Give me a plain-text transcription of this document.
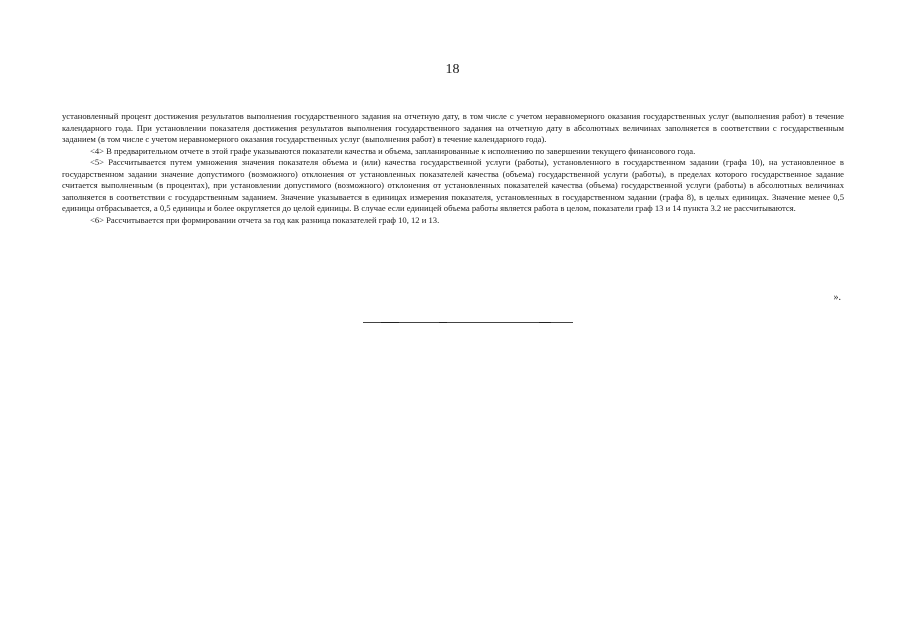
18

установленный процент достижения результатов выполнения государственного задания на отчетную дату, в том числе с учетом неравномерного оказания государственных услуг (выполнения работ) в течение календарного года. При установлении показателя достижения результатов выполнения государственного задания на отчетную дату в абсолютных величинах заполняется в соответствии с государственным заданием (в том числе с учетом неравномерного оказания государственных услуг (выполнения работ) в течение календарного года).

<4> В предварительном отчете в этой графе указываются показатели качества и объема, запланированные к исполнению по завершении текущего финансового года.

<5> Рассчитывается путем умножения значения показателя объема и (или) качества государственной услуги (работы), установленного в государственном задании (графа 10), на установленное в государственном задании значение допустимого (возможного) отклонения от установленных показателей качества (объема) государственной услуги (работы), в пределах которого государственное задание считается выполненным (в процентах), при установлении допустимого (возможного) отклонения от установленных показателей качества (объема) государственной услуги (работы) в абсолютных величинах заполняется в соответствии с государственным заданием. Значение указывается в единицах измерения показателя, установленных в государственном задании (графа 8), в целых единицах. Значение менее 0,5 единицы отбрасывается, а 0,5 единицы и более округляется до целой единицы. В случае если единицей объема работы является работа в целом, показатели граф 13 и 14 пункта 3.2 не рассчитываются.

<6> Рассчитывается при формировании отчета за год как разница показателей граф 10, 12 и 13.

».
